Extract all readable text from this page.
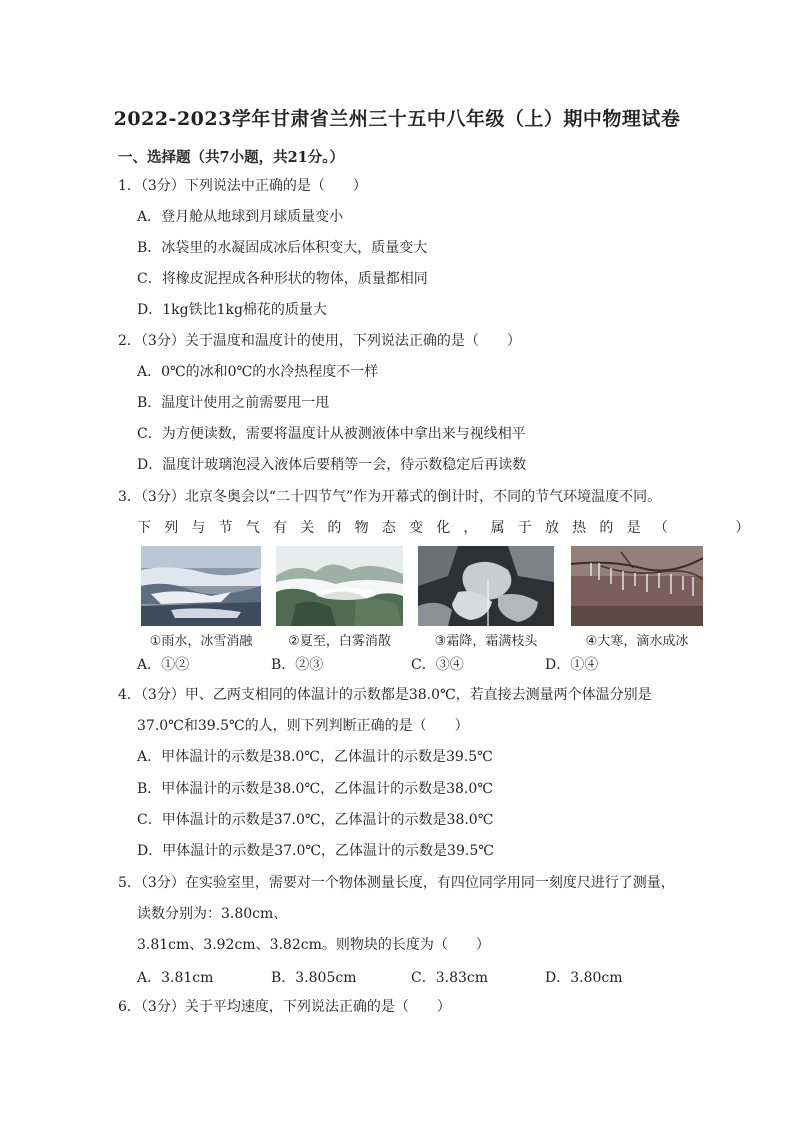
2022-2023学年甘肃省兰州三十五中八年级（上）期中物理试卷
一、选择题（共7小题，共21分。）
1．（3分）下列说法中正确的是（　　）
A．登月舱从地球到月球质量变小
B．冰袋里的水凝固成冰后体积变大，质量变大
C．将橡皮泥捏成各种形状的物体，质量都相同
D．1kg铁比1kg棉花的质量大
2．（3分）关于温度和温度计的使用，下列说法正确的是（　　）
A．0℃的冰和0℃的水冷热程度不一样
B．温度计使用之前需要甩一甩
C．为方便读数，需要将温度计从被测液体中拿出来与视线相平
D．温度计玻璃泡浸入液体后要稍等一会，待示数稳定后再读数
3．（3分）北京冬奥会以“二十四节气”作为开幕式的倒计时，不同的节气环境温度不同。
下列与节气有关的物态变化，属于放热的是（　　）
①雨水，冰雪消融	②夏至，白雾消散	③霜降，霜满枝头	④大寒，滴水成冰
A．①②	B．②③	C．③④	D．①④
4．（3分）甲、乙两支相同的体温计的示数都是38.0℃，若直接去测量两个体温分别是
37.0℃和39.5℃的人，则下列判断正确的是（　　）
A．甲体温计的示数是38.0℃，乙体温计的示数是39.5℃
B．甲体温计的示数是38.0℃，乙体温计的示数是38.0℃
C．甲体温计的示数是37.0℃，乙体温计的示数是38.0℃
D．甲体温计的示数是37.0℃，乙体温计的示数是39.5℃
5．（3分）在实验室里，需要对一个物体测量长度，有四位同学用同一刻度尺进行了测量，
读数分别为：3.80cm、
3.81cm、3.92cm、3.82cm。则物块的长度为（　　）
A．3.81cm	B．3.805cm	C．3.83cm	D．3.80cm
6．（3分）关于平均速度，下列说法正确的是（　　）
